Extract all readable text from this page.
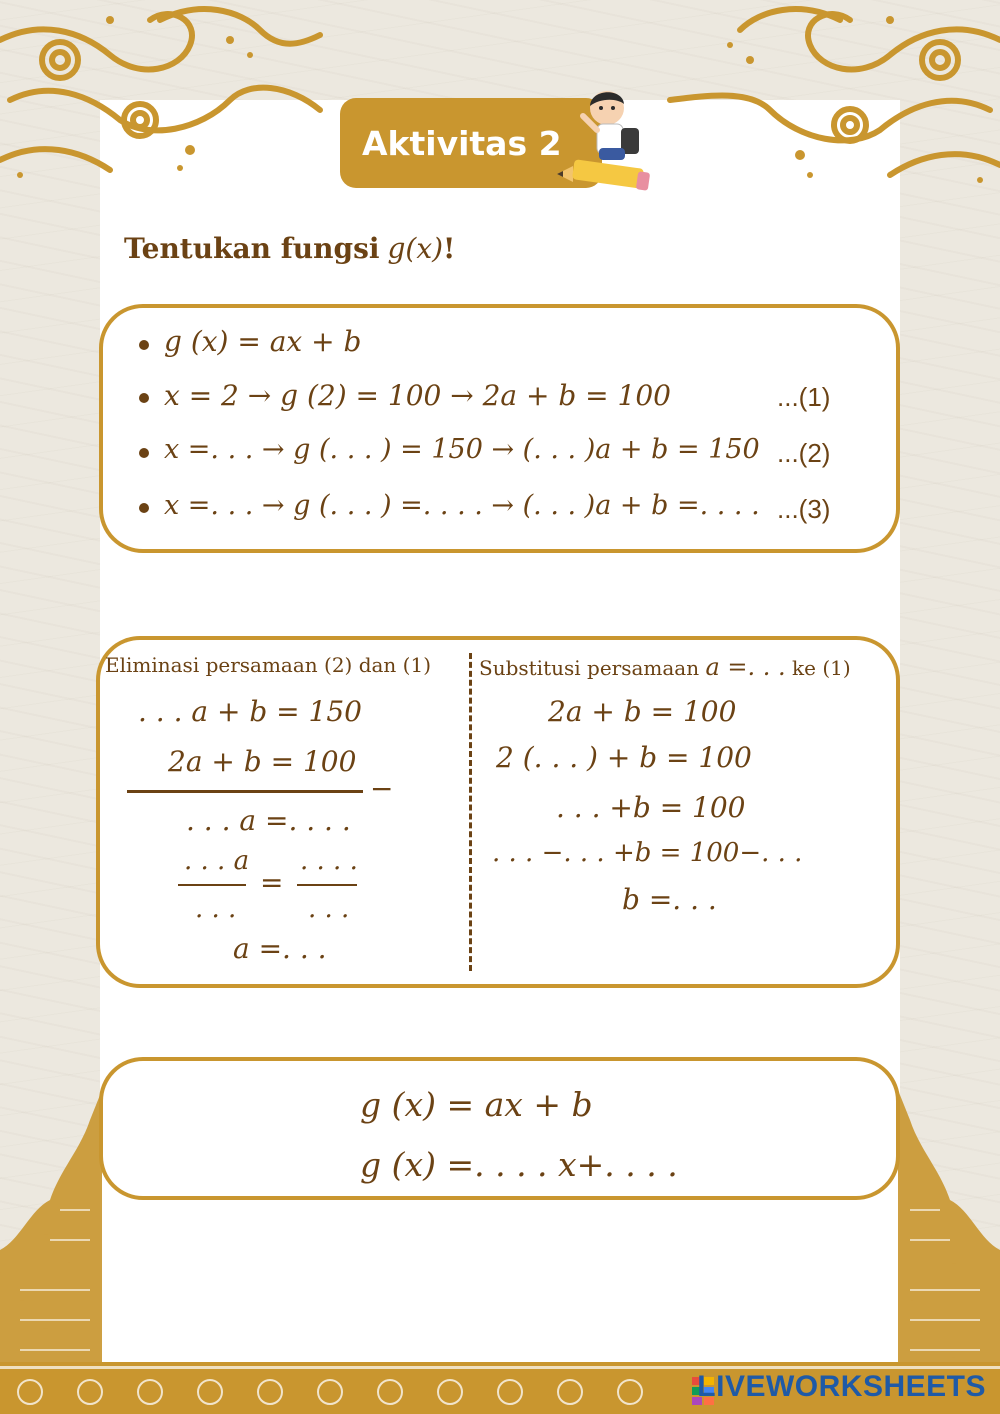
Aktivitas 2
Tentukan fungsi g(x)!
g (x) = ax + b
x = 2 → g (2) = 100 → 2a + b = 100	...(1)
x =. . . → g (. . . ) = 150 → (. . . )a + b = 150 ...(2)
x =. . . → g (. . . ) =. . . . → (. . . )a + b =. . . . ...(3)
Eliminasi persamaan (2) dan (1) Substitusi persamaan a =. . . ke (1)
. . . a + b = 150
2a + b = 100
−
. . . a =. . . .
. . . a
. . .
=
. . . .
. . .
a =. . .
2a + b = 100
2 (. . . ) + b = 100
. . . +b = 100
. . . −. . . +b = 100−. . .
b =. . .
g (x) = ax + b
g (x) =. . . . x+. . . .
LIVEWORKSHEETS
